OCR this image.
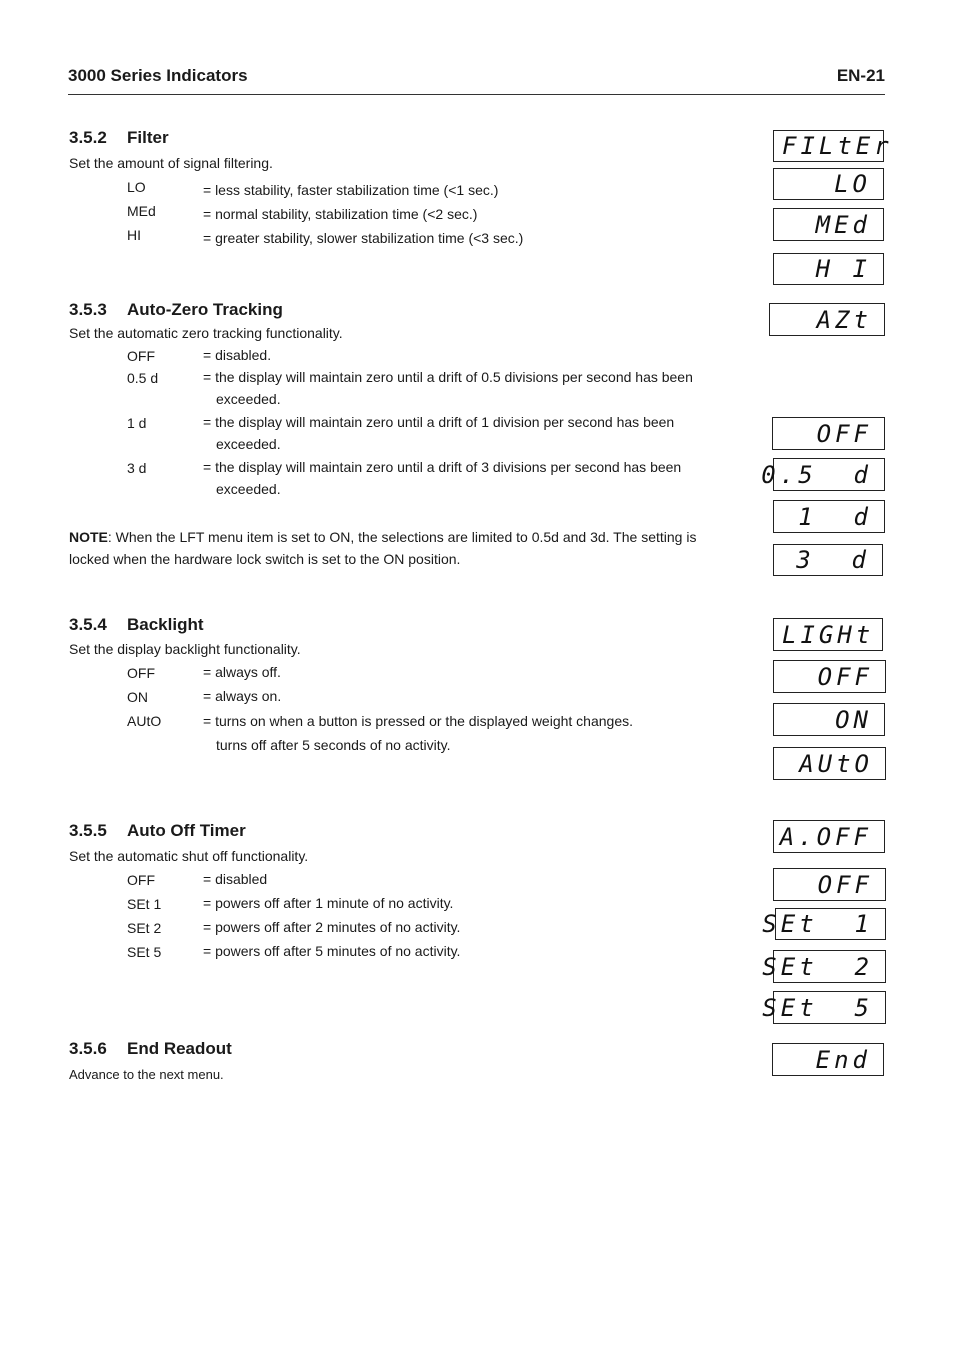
3000 Series Indicators	EN-21
3.5.2 Filter
Set the amount of signal filtering.
LO	= less stability, faster stabilization time (<1 sec.)
MEd	= normal stability, stabilization time (<2 sec.)
HI	= greater stability, slower stabilization time (<3 sec.)
3.5.3 Auto-Zero Tracking
Set the automatic zero tracking functionality.
OFF	= disabled.
0.5 d	= the display will maintain zero until a drift of 0.5 divisions per second has been
exceeded.
1 d	= the display will maintain zero until a drift of 1 division per second has been
exceeded.
3 d	= the display will maintain zero until a drift of 3 divisions per second has been
exceeded.
NOTE: When the LFT menu item is set to ON, the selections are limited to 0.5d and 3d. The setting is locked when the hardware lock switch is set to the ON position.
3.5.4 Backlight
Set the display backlight functionality.
OFF	= always off.
ON	= always on.
AUtO	= turns on when a button is pressed or the displayed weight changes.
turns off after 5 seconds of no activity.
3.5.5 Auto Off Timer
Set the automatic shut off functionality.
OFF	= disabled
SEt 1	= powers off after 1 minute of no activity.
SEt 2	= powers off after 2 minutes of no activity.
SEt 5	= powers off after 5 minutes of no activity.
3.5.6 End Readout
Advance to the next menu.
FILtEr
LO
MEd
H I
AZt
OFF
0.5  d
1  d
3  d
LIGHt
OFF
ON
AUtO
A.OFF
OFF
SEt  1
SEt  2
SEt  5
End
